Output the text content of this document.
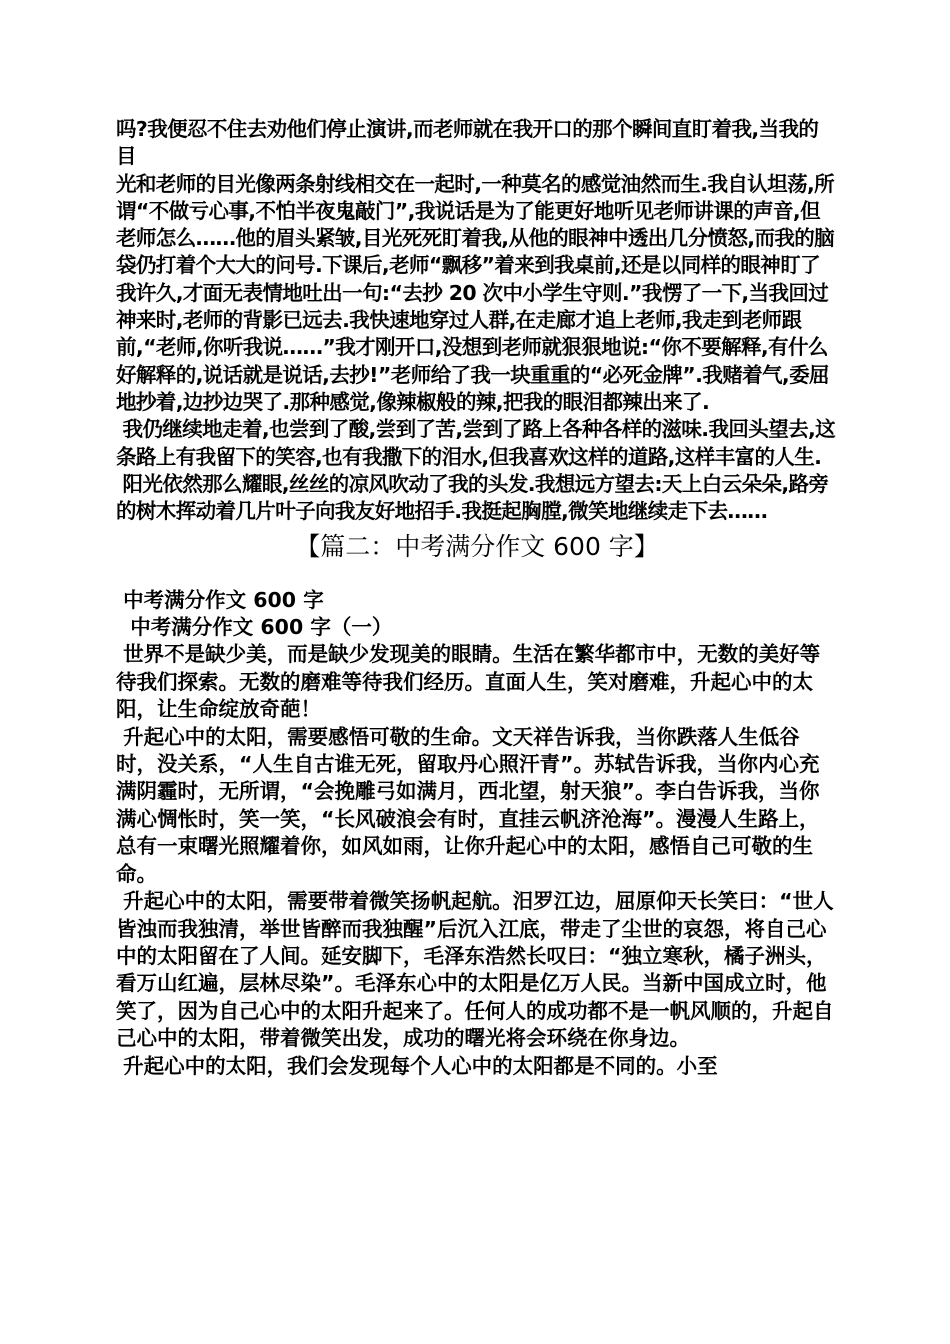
吗?我便忍不住去劝他们停止演讲,而老师就在我开口的那个瞬间直盯着我,当我的目
光和老师的目光像两条射线相交在一起时,一种莫名的感觉油然而生.我自认坦荡,所谓“不做亏心事,不怕半夜鬼敲门”,我说话是为了能更好地听见老师讲课的声音,但老师怎么……他的眉头紧皱,目光死死盯着我,从他的眼神中透出几分愤怒,而我的脑袋仍打着个大大的问号.下课后,老师“飘移”着来到我桌前,还是以同样的眼神盯了我许久,才面无表情地吐出一句:“去抄 20 次中小学生守则.”我愣了一下,当我回过神来时,老师的背影已远去.我快速地穿过人群,在走廊才追上老师,我走到老师跟前,“老师,你听我说……”我才刚开口,没想到老师就狠狠地说:“你不要解释,有什么好解释的,说话就是说话,去抄!”老师给了我一块重重的“必死金牌”.我赌着气,委屈地抄着,边抄边哭了.那种感觉,像辣椒般的辣,把我的眼泪都辣出来了.

我仍继续地走着,也尝到了酸,尝到了苦,尝到了路上各种各样的滋味.我回头望去,这条路上有我留下的笑容,也有我撒下的泪水,但我喜欢这样的道路,这样丰富的人生.

阳光依然那么耀眼,丝丝的凉风吹动了我的头发.我想远方望去:天上白云朵朵,路旁的树木挥动着几片叶子向我友好地招手.我挺起胸膛,微笑地继续走下去……

【篇二：中考满分作文 600 字】

中考满分作文 600 字

中考满分作文 600 字（一）

世界不是缺少美，而是缺少发现美的眼睛。生活在繁华都市中，无数的美好等待我们探索。无数的磨难等待我们经历。直面人生，笑对磨难，升起心中的太阳，让生命绽放奇葩！

升起心中的太阳，需要感悟可敬的生命。文天祥告诉我，当你跌落人生低谷时，没关系，“人生自古谁无死，留取丹心照汗青”。苏轼告诉我，当你内心充满阴霾时，无所谓，“会挽雕弓如满月，西北望，射天狼”。李白告诉我，当你满心惆怅时，笑一笑，“长风破浪会有时，直挂云帆济沧海”。漫漫人生路上，总有一束曙光照耀着你，如风如雨，让你升起心中的太阳，感悟自己可敬的生命。

升起心中的太阳，需要带着微笑扬帆起航。汨罗江边，屈原仰天长笑曰：“世人皆浊而我独清，举世皆醉而我独醒”后沉入江底，带走了尘世的哀怨，将自己心中的太阳留在了人间。延安脚下，毛泽东浩然长叹曰：“独立寒秋，橘子洲头，看万山红遍，层林尽染”。毛泽东心中的太阳是亿万人民。当新中国成立时，他笑了，因为自己心中的太阳升起来了。任何人的成功都不是一帆风顺的，升起自己心中的太阳，带着微笑出发，成功的曙光将会环绕在你身边。

升起心中的太阳，我们会发现每个人心中的太阳都是不同的。小至
